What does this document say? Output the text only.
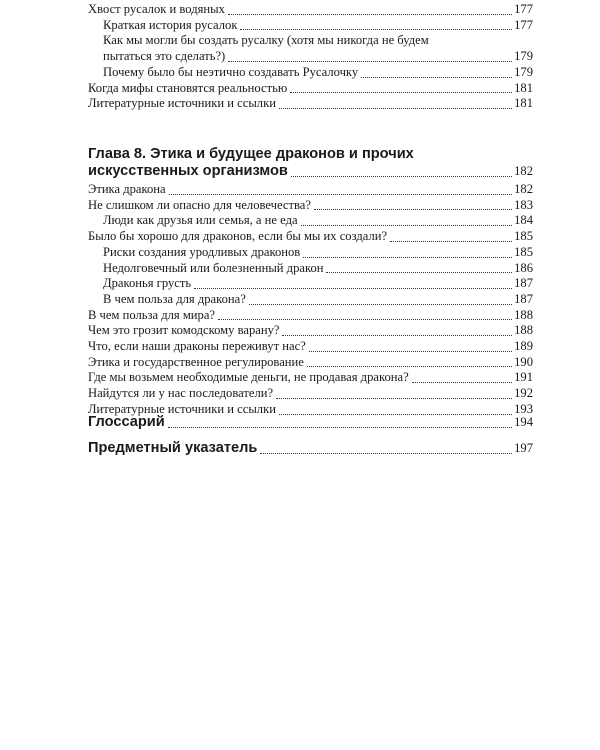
Хвост русалок и водяных	177
Краткая история русалок	177
Как мы могли бы создать русалку (хотя мы никогда не будем
пытаться это сделать?)	179
Почему было бы неэтично создавать Русалочку	179
Когда мифы становятся реальностью	181
Литературные источники и ссылки	181
Глава 8. Этика и будущее драконов и прочих
искусственных организмов	182
Этика дракона	182
Не слишком ли опасно для человечества?	183
Люди как друзья или семья, а не еда	184
Было бы хорошо для драконов, если бы мы их создали?	185
Риски создания уродливых драконов	185
Недолговечный или болезненный дракон	186
Драконья грусть	187
В чем польза для дракона?	187
В чем польза для мира?	188
Чем это грозит комодскому варану?	188
Что, если наши драконы переживут нас?	189
Этика и государственное регулирование	190
Где мы возьмем необходимые деньги, не продавая дракона?	191
Найдутся ли у нас последователи?	192
Литературные источники и ссылки	193
Глоссарий	194
Предметный указатель	197
